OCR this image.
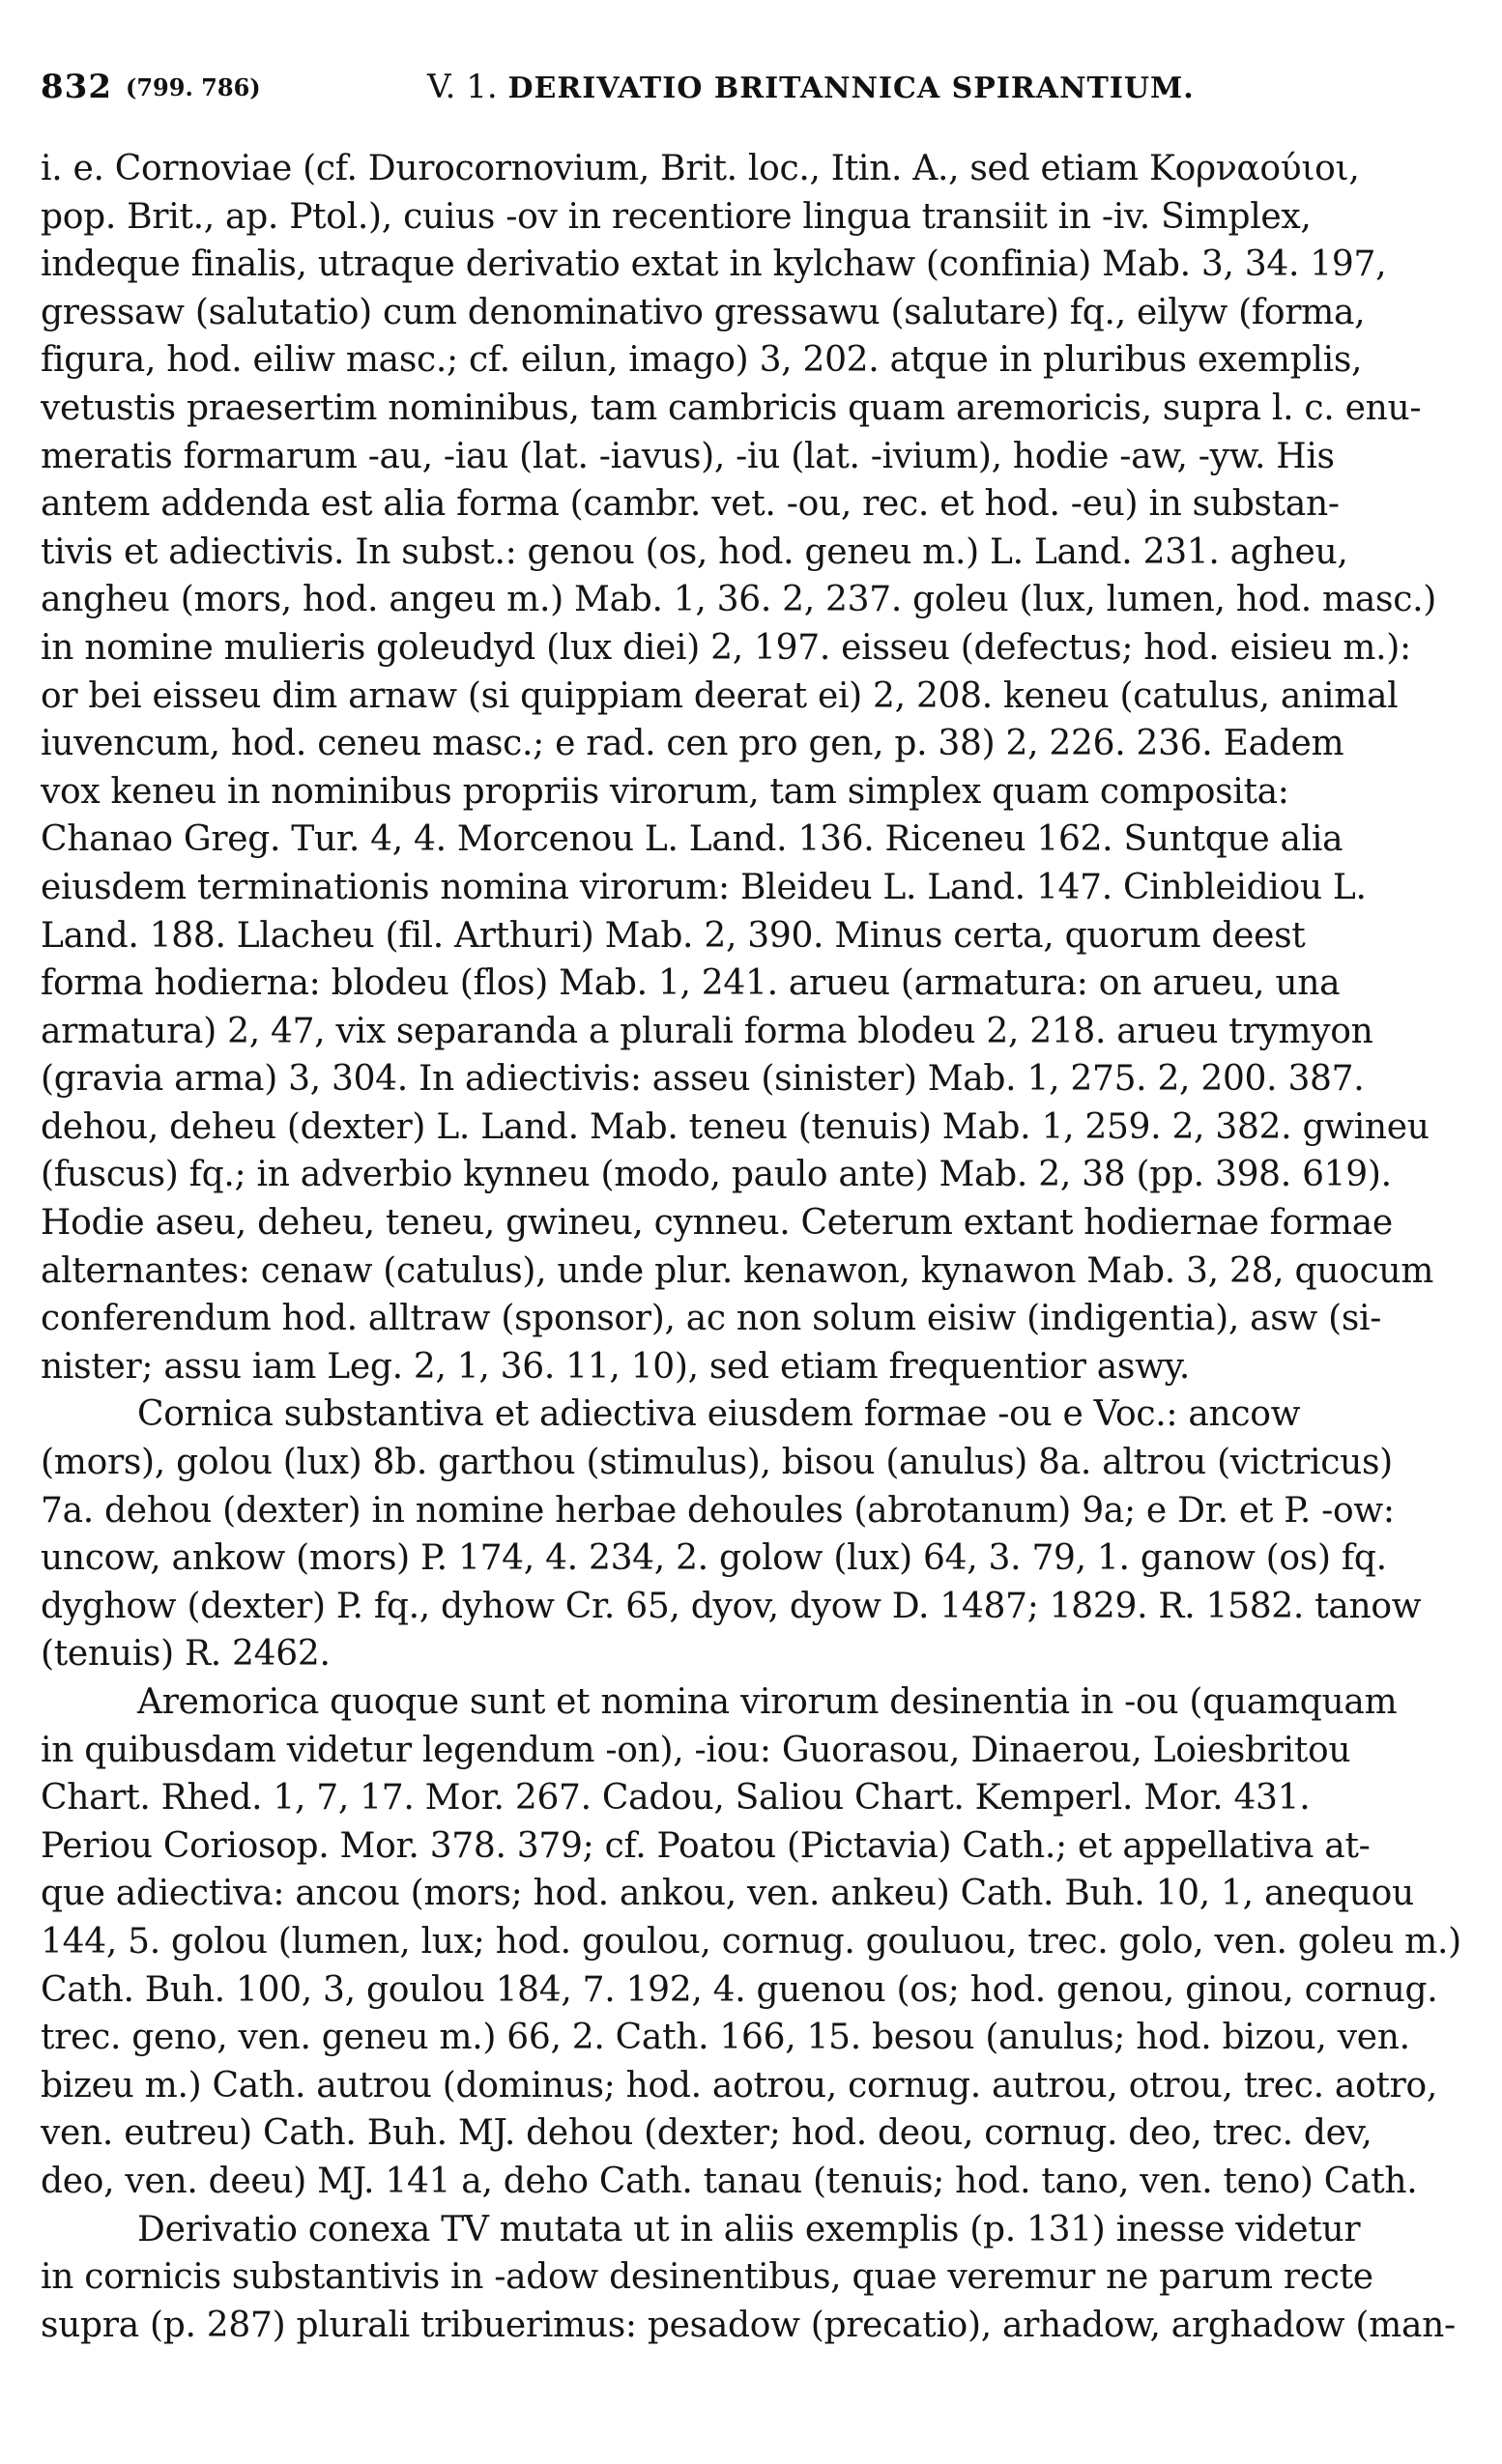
832 (799. 786)	V. 1. DERIVATIO BRITANNICA SPIRANTIUM.
i. e. Cornoviae (cf. Durocornovium, Brit. loc., Itin. A., sed etiam Κορναούιοι,
pop. Brit., ap. Ptol.), cuius -ov in recentiore lingua transiit in -iv. Simplex,
indeque finalis, utraque derivatio extat in kylchaw (confinia) Mab. 3, 34. 197,
gressaw (salutatio) cum denominativo gressawu (salutare) fq., eilyw (forma,
figura, hod. eiliw masc.; cf. eilun, imago) 3, 202. atque in pluribus exemplis,
vetustis praesertim nominibus, tam cambricis quam aremoricis, supra l. c. enu-
meratis formarum -au, -iau (lat. -iavus), -iu (lat. -ivium), hodie -aw, -yw. His
antem addenda est alia forma (cambr. vet. -ou, rec. et hod. -eu) in substan-
tivis et adiectivis. In subst.: genou (os, hod. geneu m.) L. Land. 231. agheu,
angheu (mors, hod. angeu m.) Mab. 1, 36. 2, 237. goleu (lux, lumen, hod. masc.)
in nomine mulieris goleudyd (lux diei) 2, 197. eisseu (defectus; hod. eisieu m.):
or bei eisseu dim arnaw (si quippiam deerat ei) 2, 208. keneu (catulus, animal
iuvencum, hod. ceneu masc.; e rad. cen pro gen, p. 38) 2, 226. 236. Eadem
vox keneu in nominibus propriis virorum, tam simplex quam composita:
Chanao Greg. Tur. 4, 4. Morcenou L. Land. 136. Riceneu 162. Suntque alia
eiusdem terminationis nomina virorum: Bleideu L. Land. 147. Cinbleidiou L.
Land. 188. Llacheu (fil. Arthuri) Mab. 2, 390. Minus certa, quorum deest
forma hodierna: blodeu (flos) Mab. 1, 241. arueu (armatura: on arueu, una
armatura) 2, 47, vix separanda a plurali forma blodeu 2, 218. arueu trymyon
(gravia arma) 3, 304. In adiectivis: asseu (sinister) Mab. 1, 275. 2, 200. 387.
dehou, deheu (dexter) L. Land. Mab. teneu (tenuis) Mab. 1, 259. 2, 382. gwineu
(fuscus) fq.; in adverbio kynneu (modo, paulo ante) Mab. 2, 38 (pp. 398. 619).
Hodie aseu, deheu, teneu, gwineu, cynneu. Ceterum extant hodiernae formae
alternantes: cenaw (catulus), unde plur. kenawon, kynawon Mab. 3, 28, quocum
conferendum hod. alltraw (sponsor), ac non solum eisiw (indigentia), asw (si-
nister; assu iam Leg. 2, 1, 36. 11, 10), sed etiam frequentior aswy.
Cornica substantiva et adiectiva eiusdem formae -ou e Voc.: ancow
(mors), golou (lux) 8b. garthou (stimulus), bisou (anulus) 8a. altrou (victricus)
7a. dehou (dexter) in nomine herbae dehoules (abrotanum) 9a; e Dr. et P. -ow:
uncow, ankow (mors) P. 174, 4. 234, 2. golow (lux) 64, 3. 79, 1. ganow (os) fq.
dyghow (dexter) P. fq., dyhow Cr. 65, dyov, dyow D. 1487; 1829. R. 1582. tanow
(tenuis) R. 2462.
Aremorica quoque sunt et nomina virorum desinentia in -ou (quamquam
in quibusdam videtur legendum -on), -iou: Guorasou, Dinaerou, Loiesbritou
Chart. Rhed. 1, 7, 17. Mor. 267. Cadou, Saliou Chart. Kemperl. Mor. 431.
Periou Coriosop. Mor. 378. 379; cf. Poatou (Pictavia) Cath.; et appellativa at-
que adiectiva: ancou (mors; hod. ankou, ven. ankeu) Cath. Buh. 10, 1, anequou
144, 5. golou (lumen, lux; hod. goulou, cornug. gouluou, trec. golo, ven. goleu m.)
Cath. Buh. 100, 3, goulou 184, 7. 192, 4. guenou (os; hod. genou, ginou, cornug.
trec. geno, ven. geneu m.) 66, 2. Cath. 166, 15. besou (anulus; hod. bizou, ven.
bizeu m.) Cath. autrou (dominus; hod. aotrou, cornug. autrou, otrou, trec. aotro,
ven. eutreu) Cath. Buh. MJ. dehou (dexter; hod. deou, cornug. deo, trec. dev,
deo, ven. deeu) MJ. 141 a, deho Cath. tanau (tenuis; hod. tano, ven. teno) Cath.
Derivatio conexa TV mutata ut in aliis exemplis (p. 131) inesse videtur
in cornicis substantivis in -adow desinentibus, quae veremur ne parum recte
supra (p. 287) plurali tribuerimus: pesadow (precatio), arhadow, arghadow (man-
